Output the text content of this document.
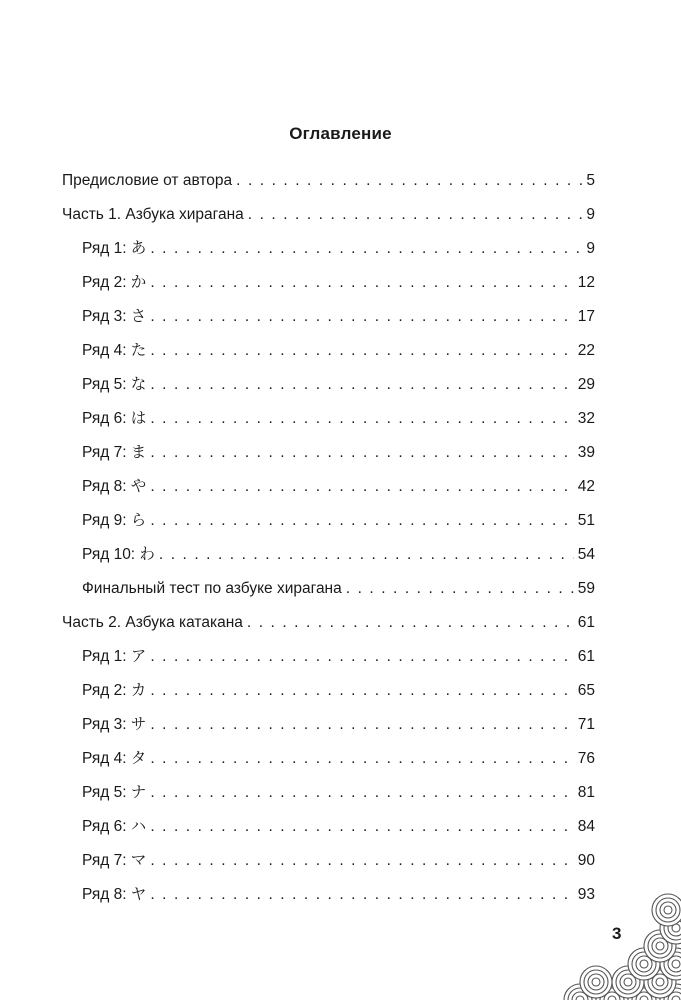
Оглавление
Предисловие от автора . . .	5
Часть 1. Азбука хирагана . . .	9
Ряд 1: あ . . .	9
Ряд 2: か . . .	12
Ряд 3: さ . . .	17
Ряд 4: た . . .	22
Ряд 5: な . . .	29
Ряд 6: は . . .	32
Ряд 7: ま . . .	39
Ряд 8: や . . .	42
Ряд 9: ら . . .	51
Ряд 10: わ . . .	54
Финальный тест по азбуке хирагана . . .	59
Часть 2. Азбука катакана . . .	61
Ряд 1: ア . . .	61
Ряд 2: カ . . .	65
Ряд 3: サ . . .	71
Ряд 4: タ . . .	76
Ряд 5: ナ . . .	81
Ряд 6: ハ . . .	84
Ряд 7: マ . . .	90
Ряд 8: ヤ . . .	93
3
